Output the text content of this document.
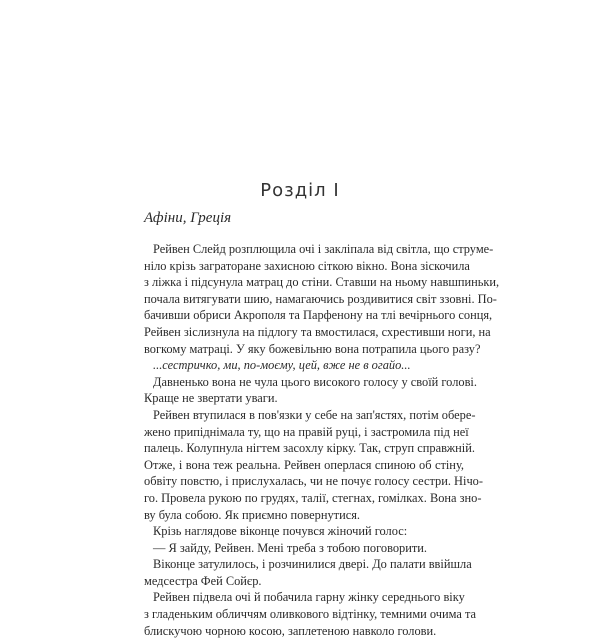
Розділ I
Афіни, Греція
Рейвен Слейд розплющила очі і закліпала від світла, що струме-
ніло крізь заграторане захисною сіткою вікно. Вона зіскочила
з ліжка і підсунула матрац до стіни. Ставши на ньому навшпиньки,
почала витягувати шию, намагаючись роздивитися світ ззовні. По-
бачивши обриси Акрополя та Парфенону на тлі вечірнього сонця,
Рейвен зіслизнула на підлогу та вмостилася, схрестивши ноги, на
вогкому матраці. У яку божевільню вона потрапила цього разу?
...сестричко, ми, по-моєму, цей, вже не в огайо...
Давненько вона не чула цього високого голосу у своїй голові.
Краще не звертати уваги.
Рейвен втупилася в пов'язки у себе на зап'ястях, потім обере-
жено припіднімала ту, що на правій руці, і застромила під неї
палець. Колупнула нігтем засохлу кірку. Так, струп справжній.
Отже, і вона теж реальна. Рейвен оперлася спиною об стіну,
обвіту повстю, і прислухалась, чи не почує голосу сестри. Нічо-
го. Провела рукою по грудях, талії, стегнах, гомілках. Вона зно-
ву була собою. Як приємно повернутися.
Крізь наглядове віконце почувся жіночий голос:
— Я зайду, Рейвен. Мені треба з тобою поговорити.
Віконце затулилось, і розчинилися двері. До палати ввійшла
медсестра Фей Сойєр.
Рейвен підвела очі й побачила гарну жінку середнього віку
з гладеньким обличчям оливкового відтінку, темними очима та
блискучою чорною косою, заплетеною навколо голови.
